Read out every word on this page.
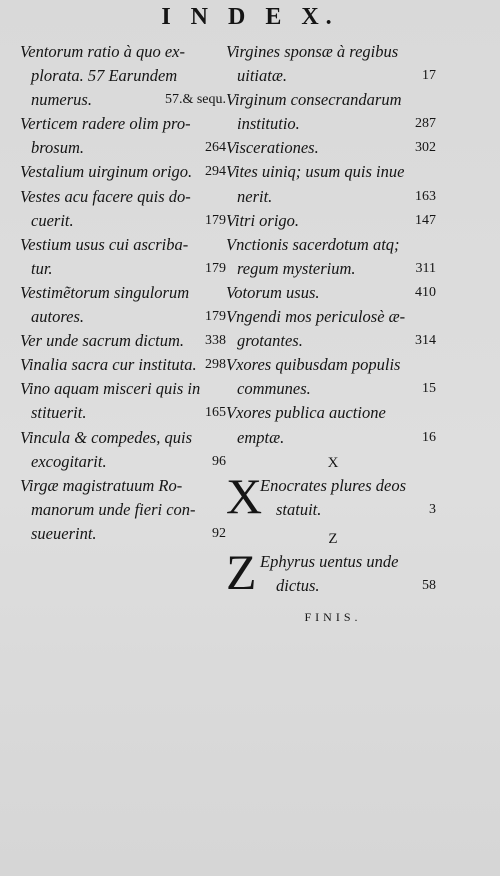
I N D E X.
Ventorum ratio à quo ex-
plorata. 57 Earundem
numerus.	57.& sequ.
Verticem radere olim pro-
brosum.	264
Vestalium uirginum origo. 294
Vestes acu facere quis do-
cuerit.	179
Vestium usus cui ascriba-
tur.	179
Vestimẽtorum singulorum
autores.	179
Ver unde sacrum dictum.	338
Vinalia sacra cur instituta. 298
Vino aquam misceri quis in
stituerit.	165
Vincula & compedes, quis
excogitarit.	96
Virgæ magistratuum Ro-
manorum unde fieri con-
sueuerint.	92
Virgines sponsæ à regibus
uitiatæ.	17
Virginum consecrandarum
institutio.	287
Viscerationes.	302
Vites uiniq; usum quis inue
nerit.	163
Vitri origo.	147
Vnctionis sacerdotum atq;
regum mysterium.	311
Votorum usus.	410
Vngendi mos periculosè æ-
grotantes.	314
Vxores quibusdam populis
communes.	15
Vxores publica auctione
emptæ.	16
X
X
Enocrates plures deos
statuit.	3
Z
Z Ephyrus uentus unde
dictus.	58
FINIS.
